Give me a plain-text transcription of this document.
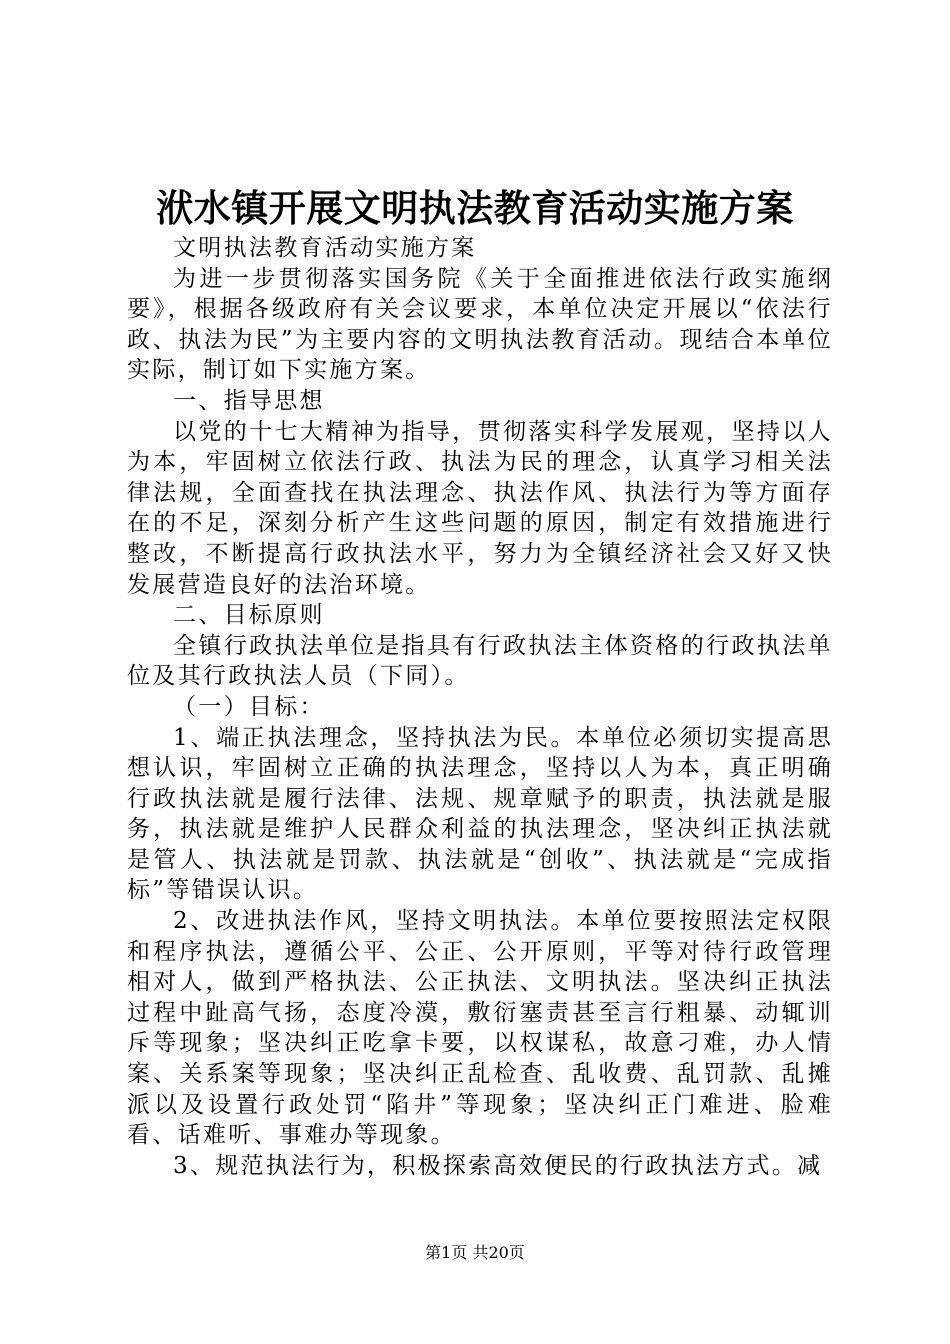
洑水镇开展文明执法教育活动实施方案

文明执法教育活动实施方案

为进一步贯彻落实国务院《关于全面推进依法行政实施纲要》，根据各级政府有关会议要求，本单位决定开展以“依法行政、执法为民”为主要内容的文明执法教育活动。现结合本单位实际，制订如下实施方案。

一、指导思想

以党的十七大精神为指导，贯彻落实科学发展观，坚持以人为本，牢固树立依法行政、执法为民的理念，认真学习相关法律法规，全面查找在执法理念、执法作风、执法行为等方面存在的不足，深刻分析产生这些问题的原因，制定有效措施进行整改，不断提高行政执法水平，努力为全镇经济社会又好又快发展营造良好的法治环境。

二、目标原则

全镇行政执法单位是指具有行政执法主体资格的行政执法单位及其行政执法人员（下同）。

（一）目标：

1、端正执法理念，坚持执法为民。本单位必须切实提高思想认识，牢固树立正确的执法理念，坚持以人为本，真正明确行政执法就是履行法律、法规、规章赋予的职责，执法就是服务，执法就是维护人民群众利益的执法理念，坚决纠正执法就是管人、执法就是罚款、执法就是“创收”、执法就是“完成指标”等错误认识。

2、改进执法作风，坚持文明执法。本单位要按照法定权限和程序执法，遵循公平、公正、公开原则，平等对待行政管理相对人，做到严格执法、公正执法、文明执法。坚决纠正执法过程中趾高气扬，态度冷漠，敷衍塞责甚至言行粗暴、动辄训斥等现象；坚决纠正吃拿卡要，以权谋私，故意刁难，办人情案、关系案等现象；坚决纠正乱检查、乱收费、乱罚款、乱摊派以及设置行政处罚“陷井”等现象；坚决纠正门难进、脸难看、话难听、事难办等现象。

3、规范执法行为，积极探索高效便民的行政执法方式。减

第1页 共20页
